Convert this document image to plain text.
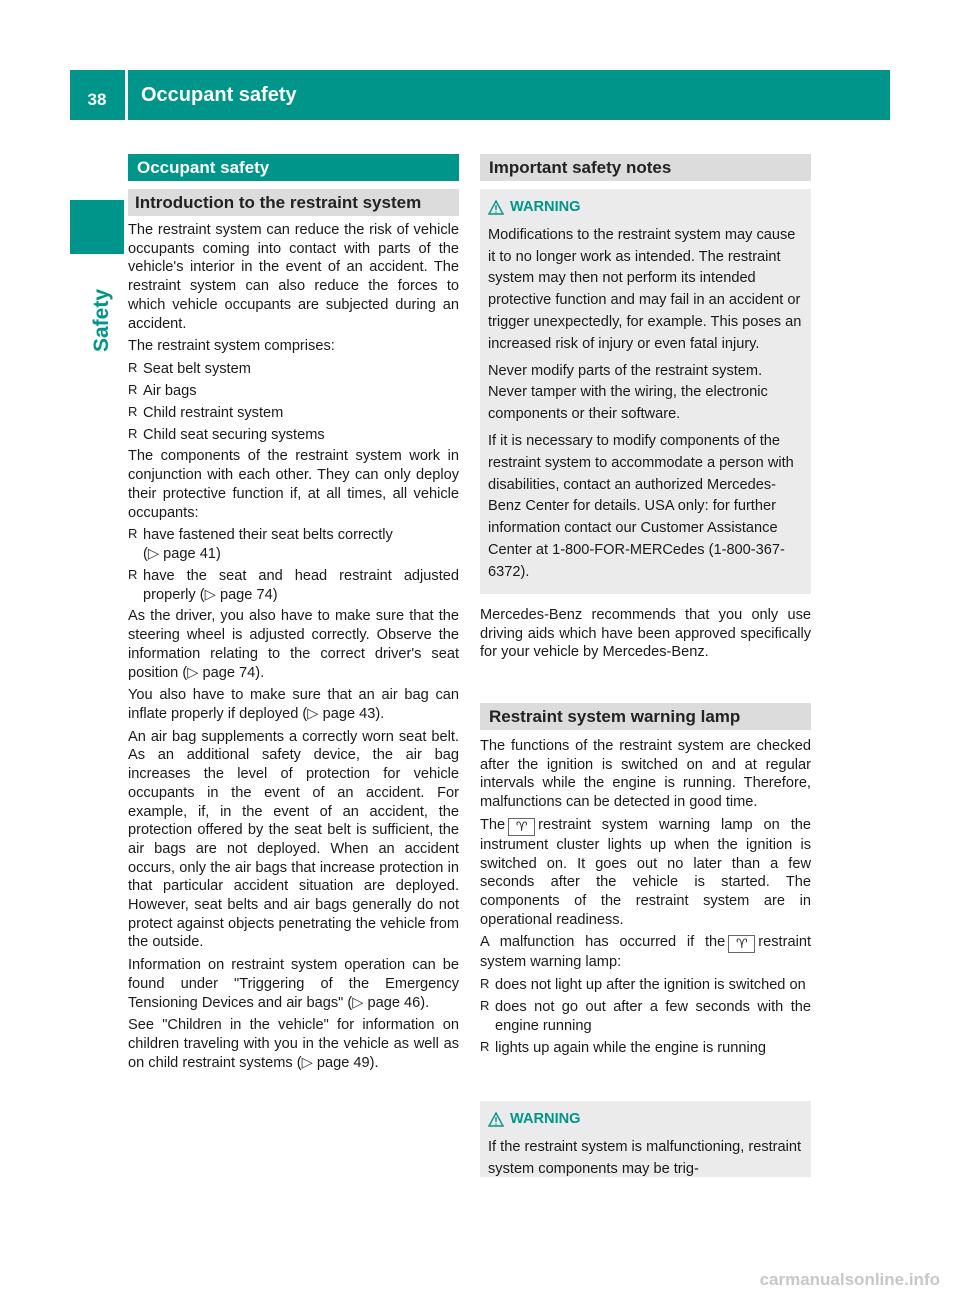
38	Occupant safety
Safety
Occupant safety
Introduction to the restraint system

The restraint system can reduce the risk of vehicle occupants coming into contact with parts of the vehicle's interior in the event of an accident. The restraint system can also reduce the forces to which vehicle occupants are subjected during an accident.

The restraint system comprises:

R Seat belt system
R Air bags
R Child restraint system
R Child seat securing systems

The components of the restraint system work in conjunction with each other. They can only deploy their protective function if, at all times, all vehicle occupants:

R have fastened their seat belts correctly
(▷ page 41)
R have the seat and head restraint adjusted properly (▷ page 74)

As the driver, you also have to make sure that the steering wheel is adjusted correctly. Observe the information relating to the correct driver's seat position (▷ page 74).

You also have to make sure that an air bag can inflate properly if deployed (▷ page 43).

An air bag supplements a correctly worn seat belt. As an additional safety device, the air bag increases the level of protection for vehicle occupants in the event of an accident. For example, if, in the event of an accident, the protection offered by the seat belt is sufficient, the air bags are not deployed. When an accident occurs, only the air bags that increase protection in that particular accident situation are deployed. However, seat belts and air bags generally do not protect against objects penetrating the vehicle from the outside.

Information on restraint system operation can be found under "Triggering of the Emergency Tensioning Devices and air bags" (▷ page 46).

See "Children in the vehicle" for information on children traveling with you in the vehicle as well as on child restraint systems (▷ page 49).

Important safety notes
WARNING

Modifications to the restraint system may cause it to no longer work as intended. The restraint system may then not perform its intended protective function and may fail in an accident or trigger unexpectedly, for example. This poses an increased risk of injury or even fatal injury.

Never modify parts of the restraint system. Never tamper with the wiring, the electronic components or their software.

If it is necessary to modify components of the restraint system to accommodate a person with disabilities, contact an authorized Mercedes-Benz Center for details. USA only: for further information contact our Customer Assistance Center at 1-800-FOR-MERCedes (1-800-367-6372).

Mercedes-Benz recommends that you only use driving aids which have been approved specifically for your vehicle by Mercedes-Benz.

Restraint system warning lamp

The functions of the restraint system are checked after the ignition is switched on and at regular intervals while the engine is running. Therefore, malfunctions can be detected in good time.

The ♈ restraint system warning lamp on the instrument cluster lights up when the ignition is switched on. It goes out no later than a few seconds after the vehicle is started. The components of the restraint system are in operational readiness.

A malfunction has occurred if the ♈ restraint system warning lamp:

R does not light up after the ignition is switched on
R does not go out after a few seconds with the engine running
R lights up again while the engine is running
WARNING

If the restraint system is malfunctioning, restraint system components may be trig-

carmanualsonline.info
